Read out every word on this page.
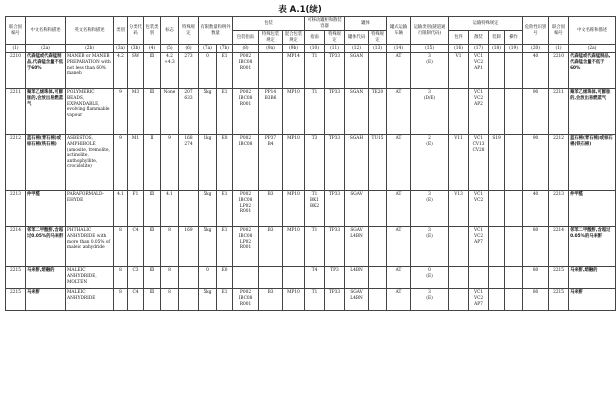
表 A.1(续)
联合国编号	中文名称和描述	英文名称和描述	类别	分类代码	包装类别	标志	特殊规定	有限数量和例外数量		包装			可移动罐柜和散装容器		罐体		罐式运输车辆	运输类别(隧道通行限制代码)	运输特殊规定				危险性识别号	联合国编号	中文名称和描述
										包装指南	特殊包装规定	混合包装规定	指南	特殊规定	罐体代码	特殊规定			包件	散装	装卸	操作			
(1)	(2a)	(2b)	(3a)	(3b)	(4)	(5)	(6)	(7a)	(7b)	(8)	(9a)	(9b)	(10)	(11)	(12)	(13)	(14)	(15)	(16)	(17)	(18)	(19)	(20)	(1)	(2a)

2210	代森锰或代森锰制品,代森锰含量不低于60%	MANEB or MANEB PREPARATION with not less than 60% maneb	4.2	SW	Ⅲ	4.2
+4.3	273	0	E1	P002
IBC08
R001		MP14	T1	TP33	SGAN		AT	3
(E)	V1	VC1
VC2
AP1			40	2210	代森锰或代森锰制品,代森锰含量不低于60%

2211	聚苯乙烯珠体,可膨胀的,会放出易燃蒸气	POLYMERIC BEADS, EXPANDABLE, evolving flammable vapour	9	M3	Ⅲ	None	207
633	5kg	E1	P002
IBC08
R001	PP14
B3B6	MP10	T1	TP33	SGAN	TE20	AT	3
(D/E)		VC1
VC2
AP2			90	2211	聚苯乙烯珠体,可膨胀的,会放出易燃蒸气

2212	蓝石棉(青石棉)或棕石棉(铁石棉)	ASBESTOS, AMPHIBOLE (amosite, tremolite, actinolite, anthophyllite, crocidolite)	9	M1	Ⅱ	9	168
274	1kg	E0	P002
IBC08	PP37
B4	MP10	T3	TP33	SGAH	TU15	AT	2
(E)	V11	VC1
CV13
CV28	S19		90	2212	蓝石棉(青石棉)或棕石棉(铁石棉)

2213	仲甲醛	PARAFORMALD-EHYDE	4.1	F1	Ⅲ	4.1		5kg	E1	P002
IBC08
LP02
R001	B3	MP10	T1
BK1
BK2	TP33	SGAV		AT	3
(E)	V13	VC1
VC2			40	2213	仲甲醛

2214	邻苯二甲酸酐,含超过0.05%的马来酐	PHTHALIC ANHYDRIDE with more than 0.05% of maleic anhydride	8	C4	Ⅲ	8	169	5kg	E1	P002
IBC08
LP02
R001	B3	MP10	T1	TP33	SGAV
L4BN		AT	3
(E)		VC1
VC2
AP7			80	2214	邻苯二甲酸酐,含超过0.05%的马来酐

2215	马来酐,熔融的	MALEIC ANHYDRIDE, MOLTEN	8	C3	Ⅲ	8		0	E0				T4	TP3	L4BN		AT	0
(E)					80	2215	马来酐,熔融的

2215	马来酐	MALEIC ANHYDRIDE	8	C4	Ⅲ	8		5kg	E1	P002
IBC08
R001	B3	MP10	T1	TP33	SGAV
L4BN		AT	3
(E)		VC1
VC2
AP7			80	2215	马来酐
